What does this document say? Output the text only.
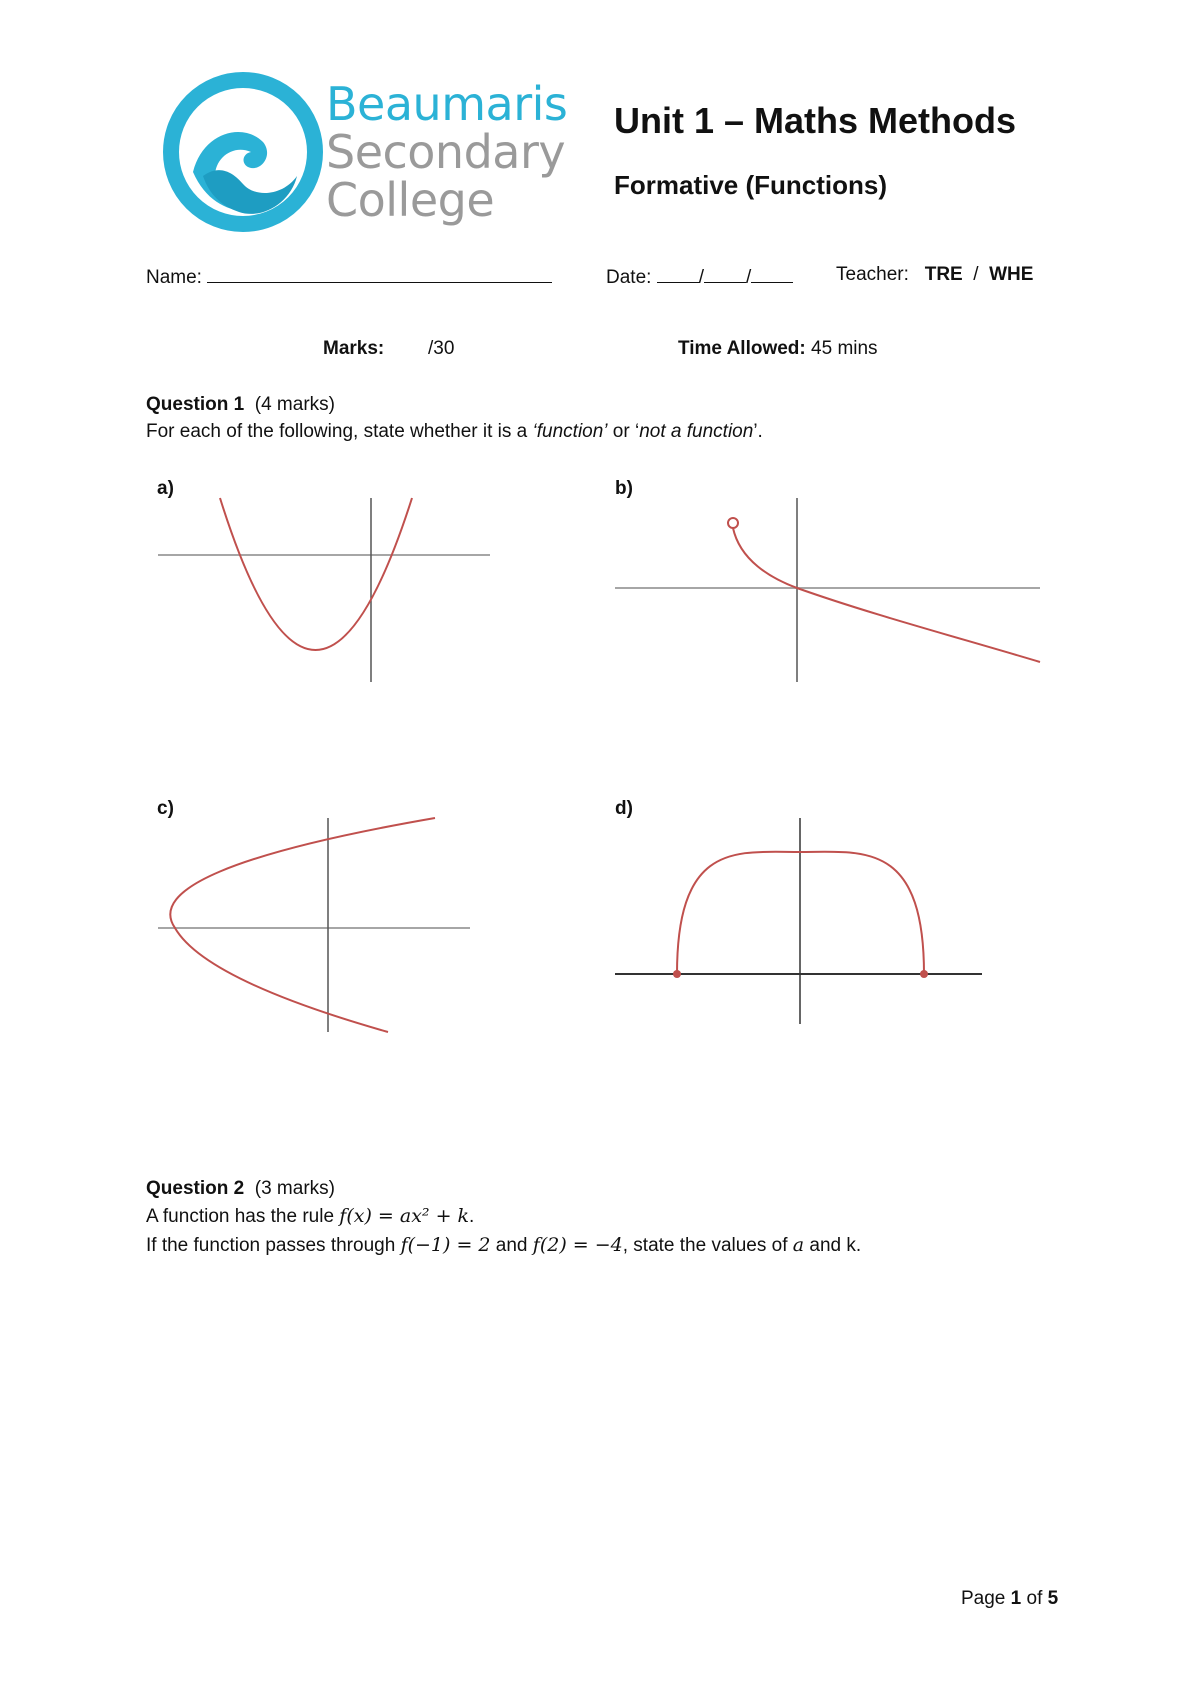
Beaumaris
Secondary
College
Unit 1 – Maths Methods
Formative (Functions)
Name:	Date: / /	Teacher: TRE / WHE
Marks: /30	Time Allowed: 45 mins
Question 1 (4 marks)
For each of the following, state whether it is a ‘function’ or ‘not a function’.
a)	b)
c)	d)
Question 2 (3 marks)
A function has the rule f(x) = ax² + k.
If the function passes through f(−1) = 2 and f(2) = −4, state the values of a and k.
Page 1 of 5
